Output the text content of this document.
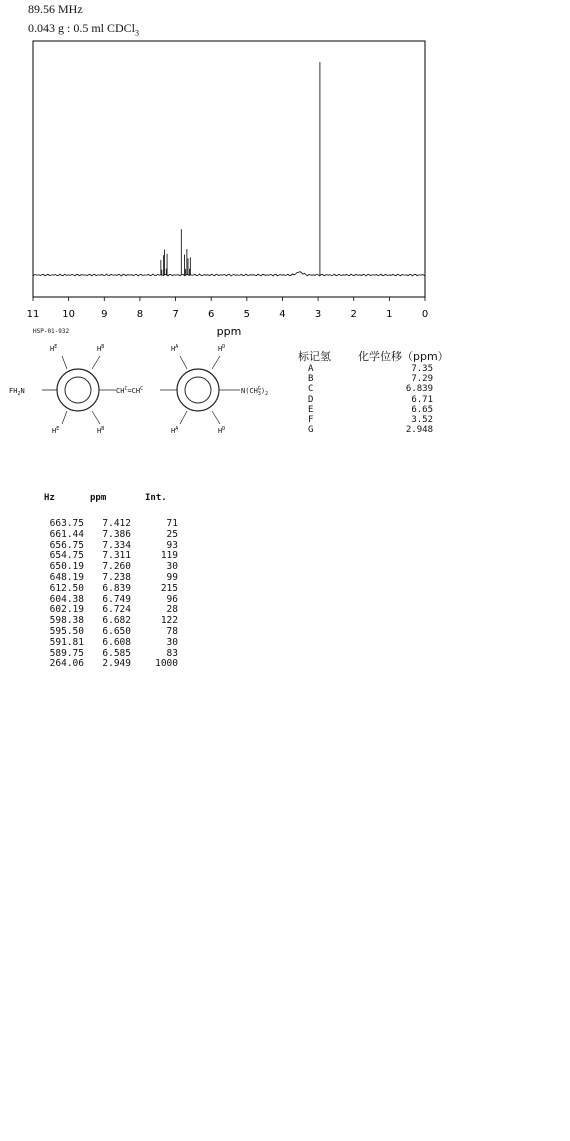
89.56 MHz
0.043 g : 0.5 ml CDCl$_3$
11 10	9	8	7	6	5	4	3	2	1	0
ppm
HSP-01-932
$FH_2N$	$CH^C=CH^C$	$N(CH^G$ $3)_2$
$H^E$	$H^B$
$H^E$	$H^B$
$H^A$	$H^D$
$H^A$	$H^D$
标记氢 化学位移（ppm）
A	7.35
B	7.29
C	6.839
D	6.71
E	6.65
F	3.52
G	2.948
Hz	ppm	Int.
663.75 7.412	71
661.44 7.386	25
656.75 7.334	93
654.75 7.311	119
650.19 7.260	30
648.19 7.238	99
612.50 6.839	215
604.38 6.749	96
602.19 6.724	28
598.38 6.682	122
595.50 6.650	78
591.81 6.608	30
589.75 6.585	83
264.06 2.949	1000
